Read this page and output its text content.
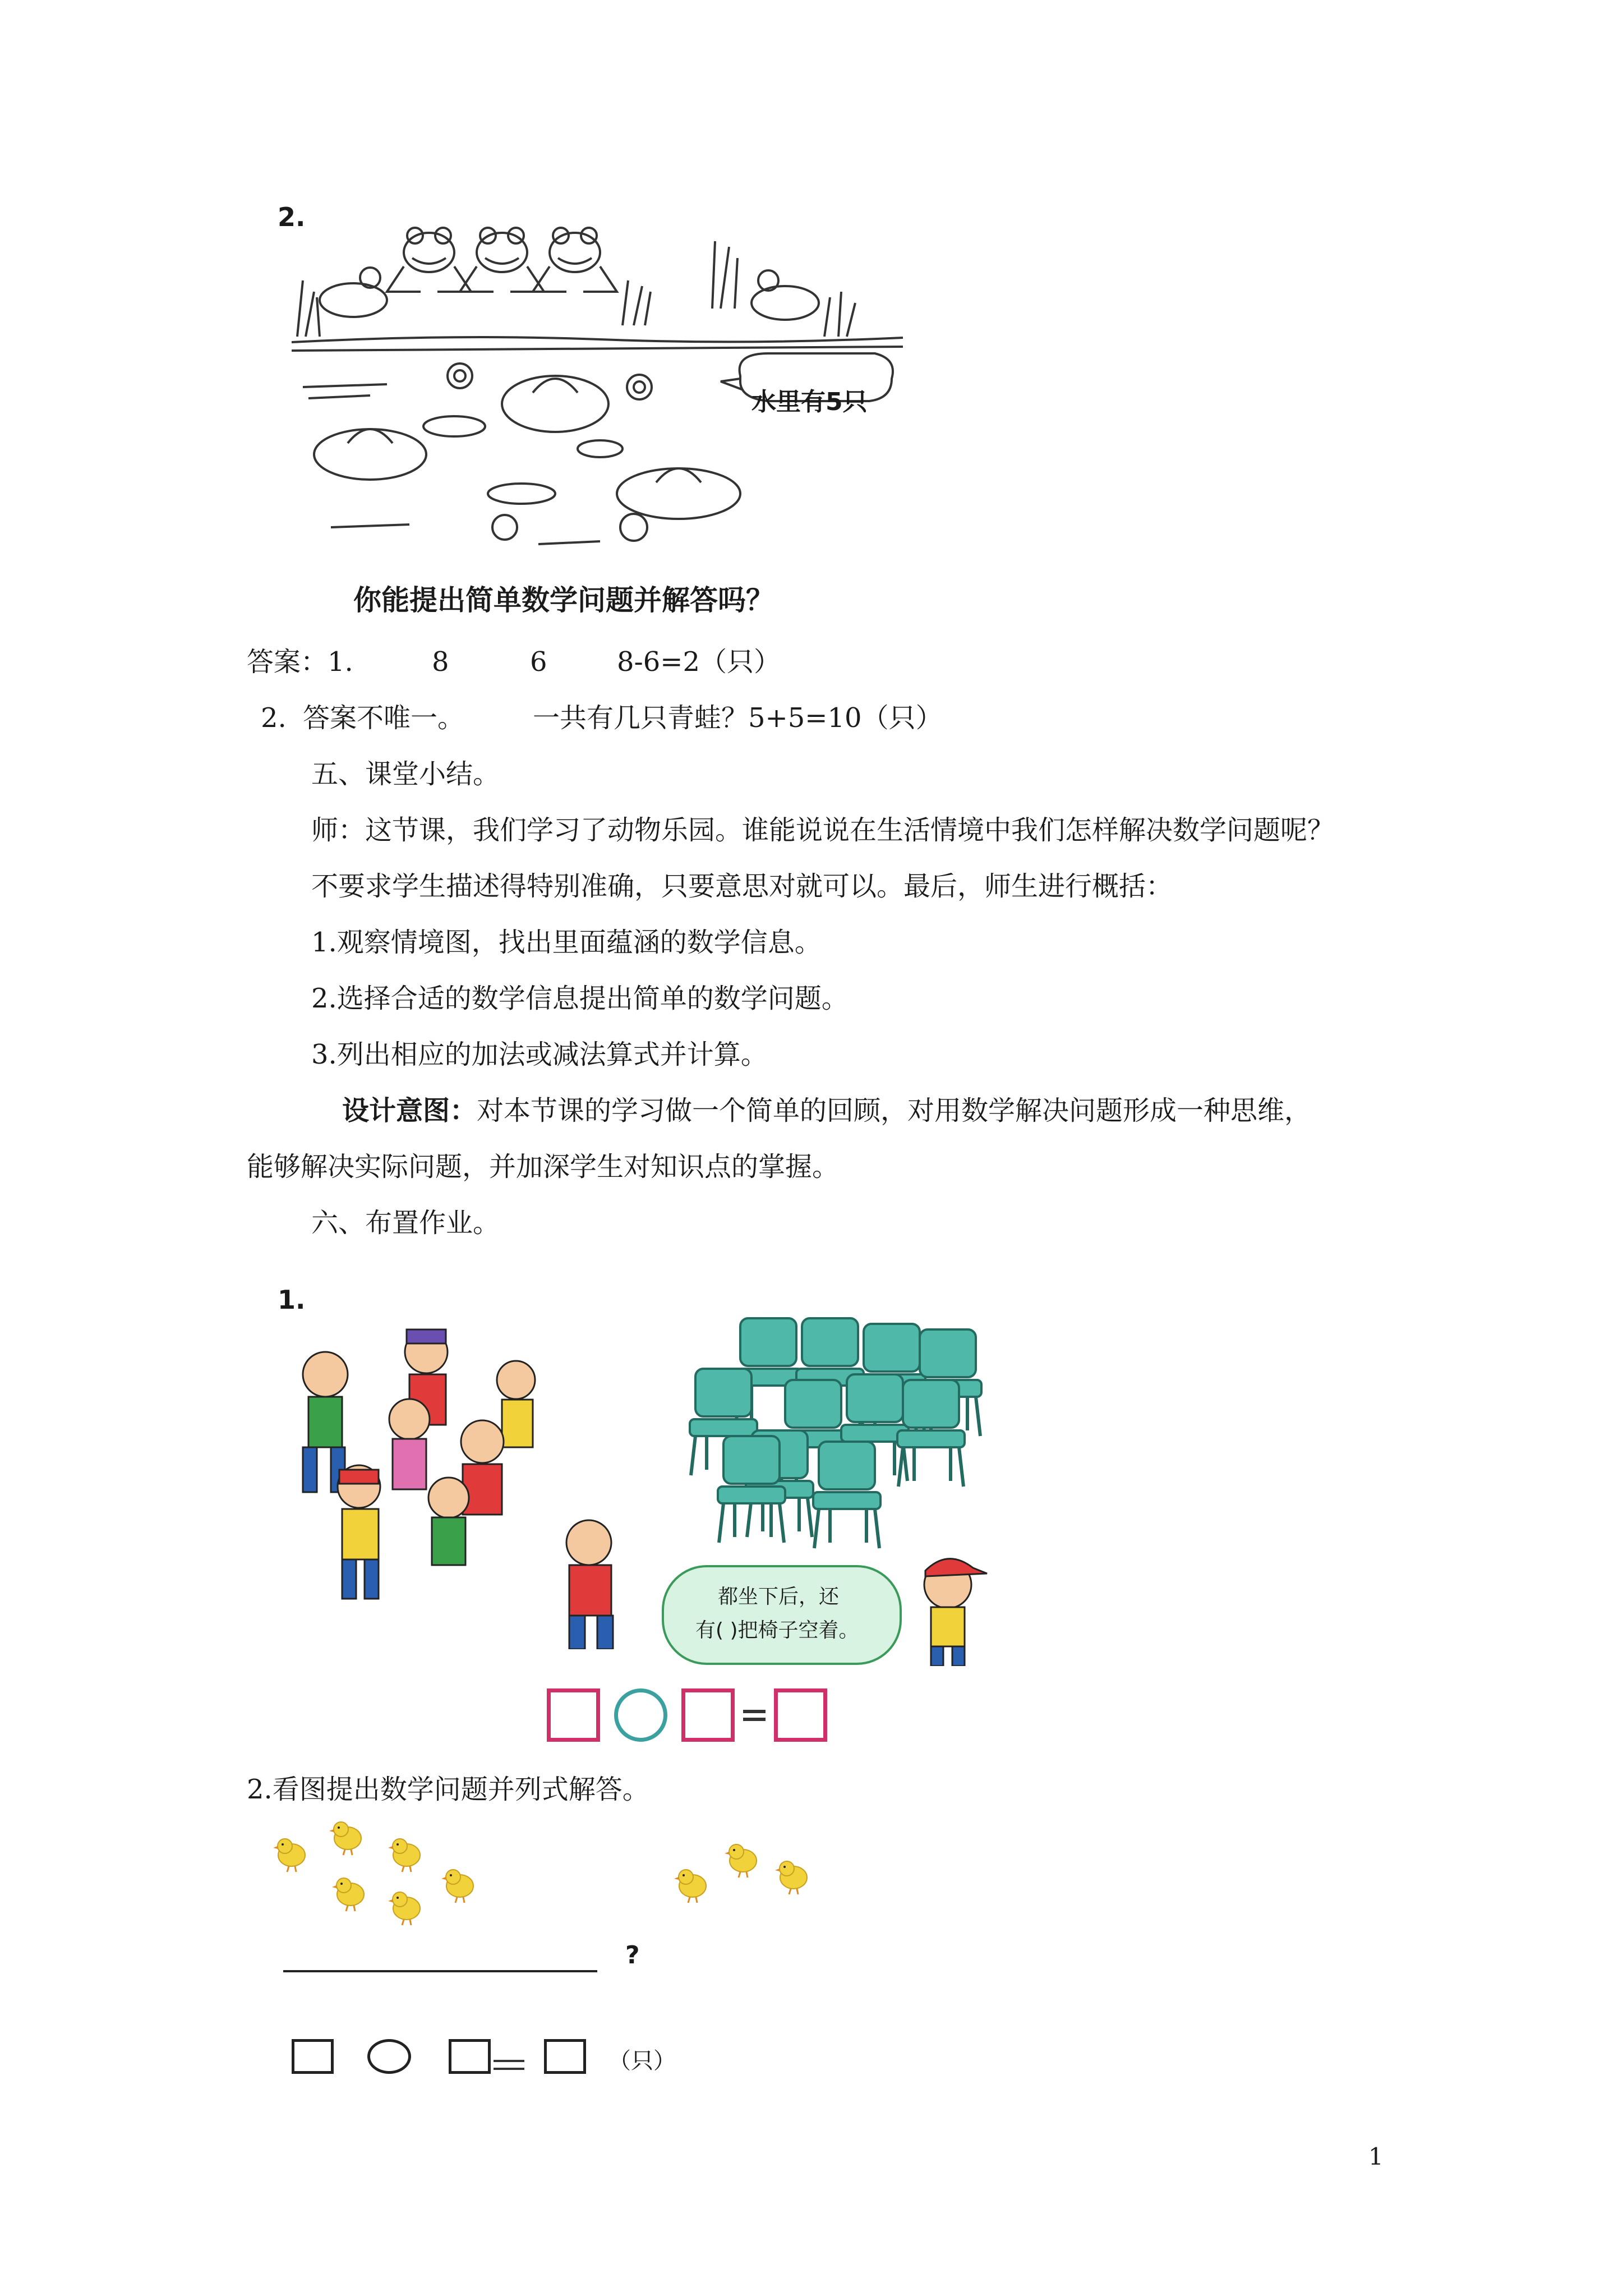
2.
水里有5只
你能提出简单数学问题并解答吗？
答案：1.	8	6	8-6=2（只）
2. 答案不唯一。	一共有几只青蛙？5+5=10（只）
五、课堂小结。
师：这节课，我们学习了动物乐园。谁能说说在生活情境中我们怎样解决数学问题呢？
不要求学生描述得特别准确，只要意思对就可以。最后，师生进行概括：
1.观察情境图，找出里面蕴涵的数学信息。
2.选择合适的数学信息提出简单的数学问题。
3.列出相应的加法或减法算式并计算。
设计意图：对本节课的学习做一个简单的回顾，对用数学解决问题形成一种思维，
能够解决实际问题，并加深学生对知识点的掌握。
六、布置作业。
1.
都坐下后，还
有( )把椅子空着。
2.看图提出数学问题并列式解答。
?
（只）
1
